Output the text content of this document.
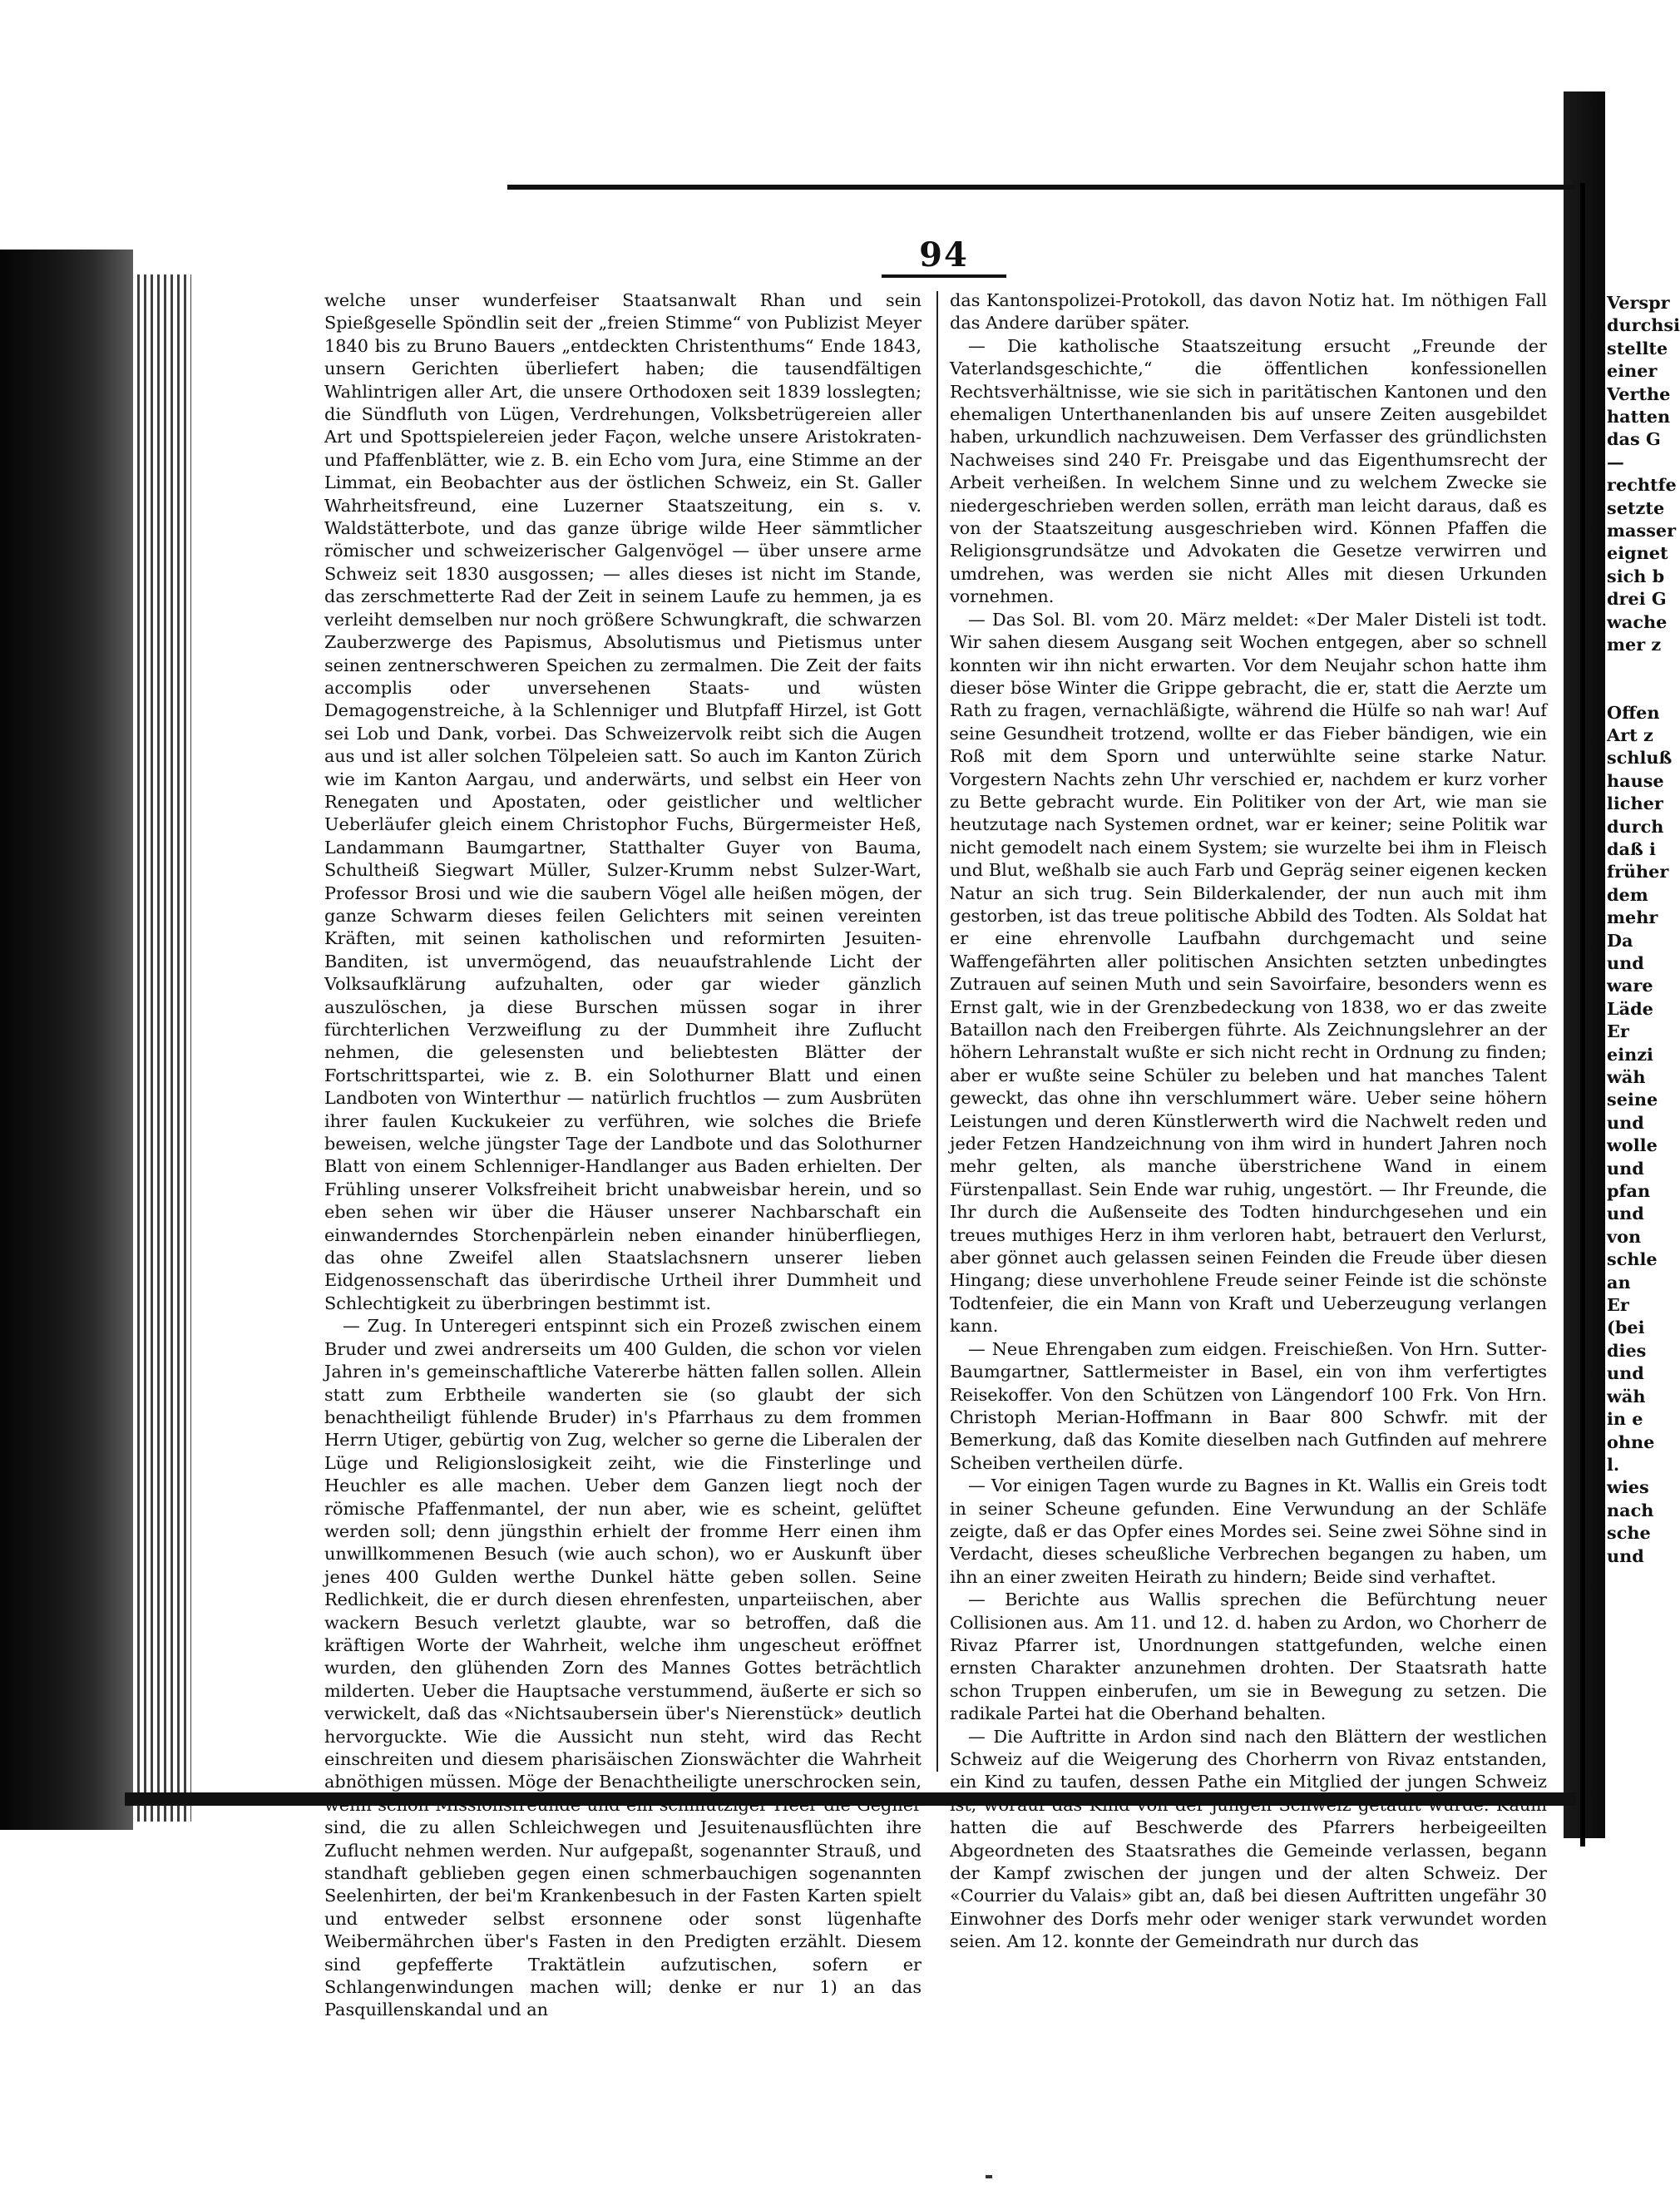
94

welche unser wunderfeiser Staatsanwalt Rhan und sein Spießgeselle Spöndlin seit der „freien Stimme“ von Publizist Meyer 1840 bis zu Bruno Bauers „entdeckten Christenthums“ Ende 1843, unsern Gerichten überliefert haben; die tausendfältigen Wahlintrigen aller Art, die unsere Orthodoxen seit 1839 losslegten; die Sündfluth von Lügen, Verdrehungen, Volksbetrügereien aller Art und Spottspielereien jeder Façon, welche unsere Aristokraten- und Pfaffenblätter, wie z. B. ein Echo vom Jura, eine Stimme an der Limmat, ein Beobachter aus der östlichen Schweiz, ein St. Galler Wahrheitsfreund, eine Luzerner Staatszeitung, ein s. v. Waldstätterbote, und das ganze übrige wilde Heer sämmtlicher römischer und schweizerischer Galgenvögel — über unsere arme Schweiz seit 1830 ausgossen; — alles dieses ist nicht im Stande, das zerschmetterte Rad der Zeit in seinem Laufe zu hemmen, ja es verleiht demselben nur noch größere Schwungkraft, die schwarzen Zauberzwerge des Papismus, Absolutismus und Pietismus unter seinen zentnerschweren Speichen zu zermalmen. Die Zeit der faits accomplis oder unversehenen Staats- und wüsten Demagogenstreiche, à la Schlenniger und Blutpfaff Hirzel, ist Gott sei Lob und Dank, vorbei. Das Schweizervolk reibt sich die Augen aus und ist aller solchen Tölpeleien satt. So auch im Kanton Zürich wie im Kanton Aargau, und anderwärts, und selbst ein Heer von Renegaten und Apostaten, oder geistlicher und weltlicher Ueberläufer gleich einem Christophor Fuchs, Bürgermeister Heß, Landammann Baumgartner, Statthalter Guyer von Bauma, Schultheiß Siegwart Müller, Sulzer-Krumm nebst Sulzer-Wart, Professor Brosi und wie die saubern Vögel alle heißen mögen, der ganze Schwarm dieses feilen Gelichters mit seinen vereinten Kräften, mit seinen katholischen und reformirten Jesuiten-Banditen, ist unvermögend, das neuaufstrahlende Licht der Volksaufklärung aufzuhalten, oder gar wieder gänzlich auszulöschen, ja diese Burschen müssen sogar in ihrer fürchterlichen Verzweiflung zu der Dummheit ihre Zuflucht nehmen, die gelesensten und beliebtesten Blätter der Fortschrittspartei, wie z. B. ein Solothurner Blatt und einen Landboten von Winterthur — natürlich fruchtlos — zum Ausbrüten ihrer faulen Kuckukeier zu verführen, wie solches die Briefe beweisen, welche jüngster Tage der Landbote und das Solothurner Blatt von einem Schlenniger-Handlanger aus Baden erhielten. Der Frühling unserer Volksfreiheit bricht unabweisbar herein, und so eben sehen wir über die Häuser unserer Nachbarschaft ein einwanderndes Storchenpärlein neben einander hinüberfliegen, das ohne Zweifel allen Staatslachsnern unserer lieben Eidgenossenschaft das überirdische Urtheil ihrer Dummheit und Schlechtigkeit zu überbringen bestimmt ist.

— Zug. In Unteregeri entspinnt sich ein Prozeß zwischen einem Bruder und zwei andrerseits um 400 Gulden, die schon vor vielen Jahren in's gemeinschaftliche Vatererbe hätten fallen sollen. Allein statt zum Erbtheile wanderten sie (so glaubt der sich benachtheiligt fühlende Bruder) in's Pfarrhaus zu dem frommen Herrn Utiger, gebürtig von Zug, welcher so gerne die Liberalen der Lüge und Religionslosigkeit zeiht, wie die Finsterlinge und Heuchler es alle machen. Ueber dem Ganzen liegt noch der römische Pfaffenmantel, der nun aber, wie es scheint, gelüftet werden soll; denn jüngsthin erhielt der fromme Herr einen ihm unwillkommenen Besuch (wie auch schon), wo er Auskunft über jenes 400 Gulden werthe Dunkel hätte geben sollen. Seine Redlichkeit, die er durch diesen ehrenfesten, unparteiischen, aber wackern Besuch verletzt glaubte, war so betroffen, daß die kräftigen Worte der Wahrheit, welche ihm ungescheut eröffnet wurden, den glühenden Zorn des Mannes Gottes beträchtlich milderten. Ueber die Hauptsache verstummend, äußerte er sich so verwickelt, daß das «Nichtsaubersein über's Nierenstück» deutlich hervorguckte. Wie die Aussicht nun steht, wird das Recht einschreiten und diesem pharisäischen Zionswächter die Wahrheit abnöthigen müssen. Möge der Benachtheiligte unerschrocken sein, sind, die zu allen Schleichwegen und Jesuitenausflüchten ihre Zuflucht nehmen werden. Nur aufgepaßt, sogenannter Strauß, und standhaft geblieben gegen einen schmerbauchigen sogenannten Seelenhirten, der bei'm Krankenbesuch in der Fasten Karten spielt und entweder selbst ersonnene oder sonst lügenhafte Weibermährchen über's Fasten in den Predigten erzählt. Diesem sind gepfefferte Traktätlein aufzutischen, sofern er Schlangenwindungen machen will; denke er nur 1) an das Pasquillenskandal und an

das Kantonspolizei-Protokoll, das davon Notiz hat. Im nöthigen Fall das Andere darüber später.

— Die katholische Staatszeitung ersucht „Freunde der Vaterlandsgeschichte,“ die öffentlichen konfessionellen Rechtsverhältnisse, wie sie sich in paritätischen Kantonen und den ehemaligen Unterthanenlanden bis auf unsere Zeiten ausgebildet haben, urkundlich nachzuweisen. Dem Verfasser des gründlichsten Nachweises sind 240 Fr. Preisgabe und das Eigenthumsrecht der Arbeit verheißen. In welchem Sinne und zu welchem Zwecke sie niedergeschrieben werden sollen, erräth man leicht daraus, daß es von der Staatszeitung ausgeschrieben wird. Können Pfaffen die Religionsgrundsätze und Advokaten die Gesetze verwirren und umdrehen, was werden sie nicht Alles mit diesen Urkunden vornehmen.

— Das Sol. Bl. vom 20. März meldet: «Der Maler Disteli ist todt. Wir sahen diesem Ausgang seit Wochen entgegen, aber so schnell konnten wir ihn nicht erwarten. Vor dem Neujahr schon hatte ihm dieser böse Winter die Grippe gebracht, die er, statt die Aerzte um Rath zu fragen, vernachläßigte, während die Hülfe so nah war! Auf seine Gesundheit trotzend, wollte er das Fieber bändigen, wie ein Roß mit dem Sporn und unterwühlte seine starke Natur. Vorgestern Nachts zehn Uhr verschied er, nachdem er kurz vorher zu Bette gebracht wurde. Ein Politiker von der Art, wie man sie heutzutage nach Systemen ordnet, war er keiner; seine Politik war nicht gemodelt nach einem System; sie wurzelte bei ihm in Fleisch und Blut, weßhalb sie auch Farb und Gepräg seiner eigenen kecken Natur an sich trug. Sein Bilderkalender, der nun auch mit ihm gestorben, ist das treue politische Abbild des Todten. Als Soldat hat er eine ehrenvolle Laufbahn durchgemacht und seine Waffengefährten aller politischen Ansichten setzten unbedingtes Zutrauen auf seinen Muth und sein Savoirfaire, besonders wenn es Ernst galt, wie in der Grenzbedeckung von 1838, wo er das zweite Bataillon nach den Freibergen führte. Als Zeichnungslehrer an der höhern Lehranstalt wußte er sich nicht recht in Ordnung zu finden; aber er wußte seine Schüler zu beleben und hat manches Talent geweckt, das ohne ihn verschlummert wäre. Ueber seine höhern Leistungen und deren Künstlerwerth wird die Nachwelt reden und jeder Fetzen Handzeichnung von ihm wird in hundert Jahren noch mehr gelten, als manche überstrichene Wand in einem Fürstenpallast. Sein Ende war ruhig, ungestört. — Ihr Freunde, die Ihr durch die Außenseite des Todten hindurchgesehen und ein treues muthiges Herz in ihm verloren habt, betrauert den Verlurst, aber gönnet auch gelassen seinen Feinden die Freude über diesen Hingang; diese unverhohlene Freude seiner Feinde ist die schönste Todtenfeier, die ein Mann von Kraft und Ueberzeugung verlangen kann.

— Neue Ehrengaben zum eidgen. Freischießen. Von Hrn. Sutter-Baumgartner, Sattlermeister in Basel, ein von ihm verfertigtes Reisekoffer. Von den Schützen von Längendorf 100 Frk. Von Hrn. Christoph Merian-Hoffmann in Baar 800 Schwfr. mit der Bemerkung, daß das Komite dieselben nach Gutfinden auf mehrere Scheiben vertheilen dürfe.

— Vor einigen Tagen wurde zu Bagnes in Kt. Wallis ein Greis todt in seiner Scheune gefunden. Eine Verwundung an der Schläfe zeigte, daß er das Opfer eines Mordes sei. Seine zwei Söhne sind in Verdacht, dieses scheußliche Verbrechen begangen zu haben, um ihn an einer zweiten Heirath zu hindern; Beide sind verhaftet.

— Berichte aus Wallis sprechen die Befürchtung neuer Collisionen aus. Am 11. und 12. d. haben zu Ardon, wo Chorherr de Rivaz Pfarrer ist, Unordnungen stattgefunden, welche einen ernsten Charakter anzunehmen drohten. Der Staatsrath hatte schon Truppen einberufen, um sie in Bewegung zu setzen. Die radikale Partei hat die Oberhand behalten.

— Die Auftritte in Ardon sind nach den Blättern der westlichen Schweiz auf die Weigerung des Chorherrn von Rivaz entstanden, ein Kind zu taufen, dessen Pathe ein Mitglied der jungen Schweiz hatten die auf Beschwerde des Pfarrers herbeigeeilten Abgeordneten des Staatsrathes die Gemeinde verlassen, begann der Kampf zwischen der jungen und der alten Schweiz. Der «Courrier du Valais» gibt an, daß bei diesen Auftritten ungefähr 30 Einwohner des Dorfs mehr oder weniger stark verwundet worden seien. Am 12. konnte der Gemeindrath nur durch das

Verspr
durchsi
stellte
einer
Verthe
hatten
das G
—
rechtfe
setzte
masser
eignet
sich b
drei G
wache
mer z
Offen
Art z
schluß
hause
licher
durch
daß i
früher
dem
mehr
Da
und
ware
Läde
Er
einzi
wäh
seine
und
wolle
und
pfan
und
von
schle
an
Er
(bei
dies
und
wäh
in e
ohne
l.
wies
nach
sche
und
